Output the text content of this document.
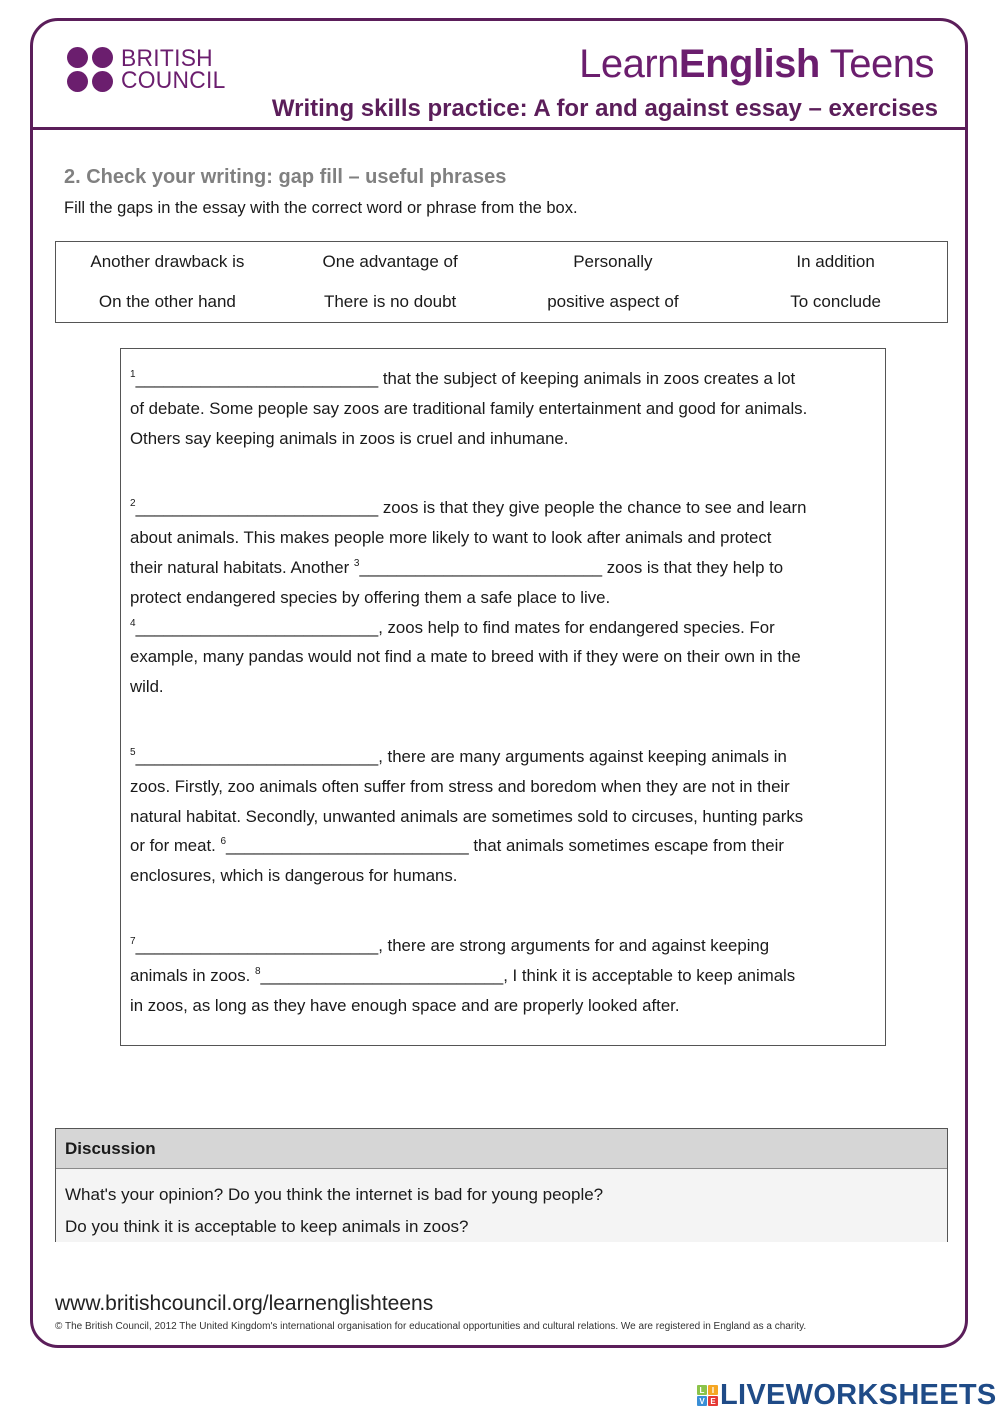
BRITISH
COUNCIL	LearnEnglish Teens
Writing skills practice: A for and against essay – exercises
2. Check your writing: gap fill – useful phrases
Fill the gaps in the essay with the correct word or phrase from the box.
Another drawback is	One advantage of	Personally	In addition
On the other hand	There is no doubt	positive aspect of	To conclude
$^1$__________________________ that the subject of keeping animals in zoos creates a lot
of debate. Some people say zoos are traditional family entertainment and good for animals.
Others say keeping animals in zoos is cruel and inhumane.
$^2$__________________________ zoos is that they give people the chance to see and learn
about animals. This makes people more likely to want to look after animals and protect
their natural habitats. Another $^3$__________________________ zoos is that they help to
protect endangered species by offering them a safe place to live.
$^4$__________________________, zoos help to find mates for endangered species. For
example, many pandas would not find a mate to breed with if they were on their own in the
wild.
$^5$__________________________, there are many arguments against keeping animals in
zoos. Firstly, zoo animals often suffer from stress and boredom when they are not in their
natural habitat. Secondly, unwanted animals are sometimes sold to circuses, hunting parks
or for meat. $^6$__________________________ that animals sometimes escape from their
enclosures, which is dangerous for humans.
$^7$__________________________, there are strong arguments for and against keeping
animals in zoos. $^8$__________________________, I think it is acceptable to keep animals
in zoos, as long as they have enough space and are properly looked after.
Discussion
What's your opinion? Do you think the internet is bad for young people?
Do you think it is acceptable to keep animals in zoos?
www.britishcouncil.org/learnenglishteens
© The British Council, 2012 The United Kingdom's international organisation for educational opportunities and cultural relations. We are registered in England as a charity.
L I
V E LIVEWORKSHEETS
